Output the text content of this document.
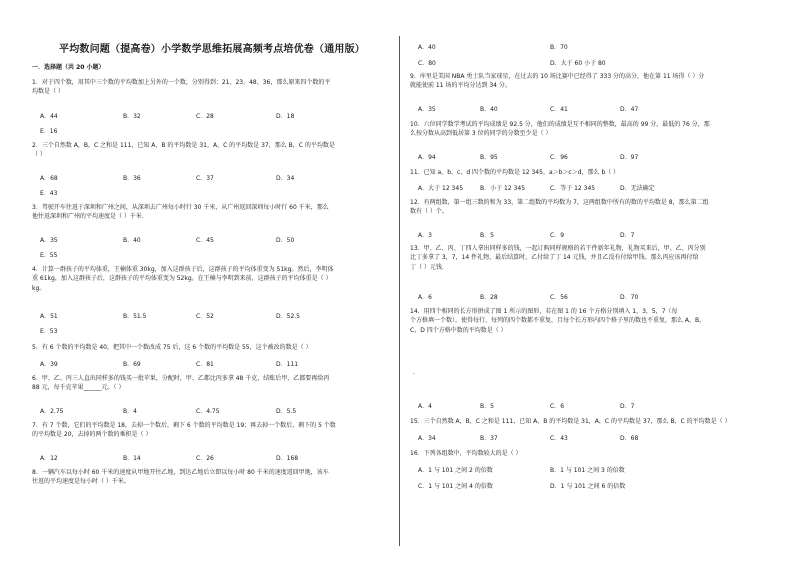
平均数问题（提高卷）小学数学思维拓展高频考点培优卷（通用版）
一．选择题（共 20 小题）
1．对于四个数，用其中三个数的平均数加上另外的一个数，分别得到：21、23、48、36，那么原来四个数的平
均数是（ ）
A．44	B．32	C．28	D．18
E．16
2．三个自然数 A，B，C 之和是 111，已知 A，B 的平均数是 31，A，C 的平均数是 37，那么 B，C 的平均数是
（ ）
A．68	B．36	C．37	D．34
E．43
3．驾驶开车往返于深圳和广州之间，从深圳去广州每小时行 30 千米，从广州返回深圳每小时行 60 千米，那么
他往返深圳和广州的平均速度是（ ）千米．
A．35	B．40	C．45	D．50
E．55
4．计算一群孩子的平均体重，王楠体重 30kg，加入这群孩子后，这群孩子的平均体重变为 51kg。然后，李明体
重 61kg，加入这群孩子后，这群孩子的平均体重变为 52kg。在王楠与李明到来前，这群孩子的平均体重是（ ）
kg。
A．51	B．51.5	C．52	D．52.5
E．53
5．有 6 个数的平均数是 40，把其中一个数改成 75 后，这 6 个数的平均数是 55，这个被改的数是（ ）
A．39	B．69	C．81	D．111
6．甲、乙、丙三人直出同样多的钱买一批苹果，分配时，甲、乙都比丙多拿 48 千克，结账后甲、乙都要再给丙
88 元，每千克苹果______元。（ ）
A．2.75	B．4	C．4.75	D．5.5
7．有 7 个数，它们的平均数是 18，去掉一个数后，剩下 6 个数的平均数是 19；再去掉一个数后，剩下的 5 个数
的平均数是 20，去掉的两个数的乘积是（ ）
A．12	B．14	C．26	D．168
8．一辆汽车以每小时 60 千米的速度从甲地开往乙地，到达乙地后立即以每小时 80 千米的速度返回甲地，该车
往返的平均速度是每小时（ ）千米。
A．40	B．70
C．80	D．大于 60 小于 80
9．库里是美国 NBA 勇士队当家球星，在过去的 10 场比赛中已经得了 333 分的高分，他在第 11 场得（ ）分
就能使前 11 场的平均分达到 34 分。
A．35	B．40	C．41	D．47
10．六位同学数学考试的平均成绩是 92.5 分，他们的成绩是互不相同的整数，最高的 99 分，最低的 76 分，那
么按分数从高到低居第 3 位的同学的分数至少是（ ）
A．94	B．95	C．96	D．97
11．已知 a、b、c、d 四个数的平均数是 12 345，a＞b＞c＞d，那么 b（ ）
A．大于 12 345	B．小于 12 345	C．等于 12 345	D．无法确定
12．有两组数，第一组三数的和为 33，第二组数的平均数为 7，这两组数中所有的数的平均数是 8，那么第二组
数有（ ）个。
A．3	B．5	C．9	D．7
13．甲、乙、丙、丁四人拿出同样多的钱，一起订购同样规格的若干件新年礼物，礼物买来后，甲、乙、丙分别
比丁多拿了 3，7，14 件礼物，最后结算时，乙付给了丁 14 元钱，并且乙没有付给甲钱。那么丙应该再付给
丁（ ）元钱．
A．6	B．28	C．56	D．70
14．用四个相同的长方形拼成了图 1 所示的图形，若在图 1 的 16 个方格分别填入 1，3，5，7（每
个方格填一个数），使得每行、每列的四个数都不重复，且每个长方形内四个格子里的数也不重复，那么 A，B，
C，D 四个方格中数的平均数是（ ）
.
A．4	B．5	C．6	D．7
15．三个自然数 A，B，C 之和是 111，已知 A，B 的平均数是 31，A，C 的平均数是 37，那么 B，C 的平均数是（ ）
A．34	B．37	C．43	D．68
16．下列各组数中，平均数较大的是（ ）
A．1 与 101 之间 2 的倍数	B．1 与 101 之间 3 的倍数
C．1 与 101 之间 4 的倍数	D．1 与 101 之间 6 的倍数
